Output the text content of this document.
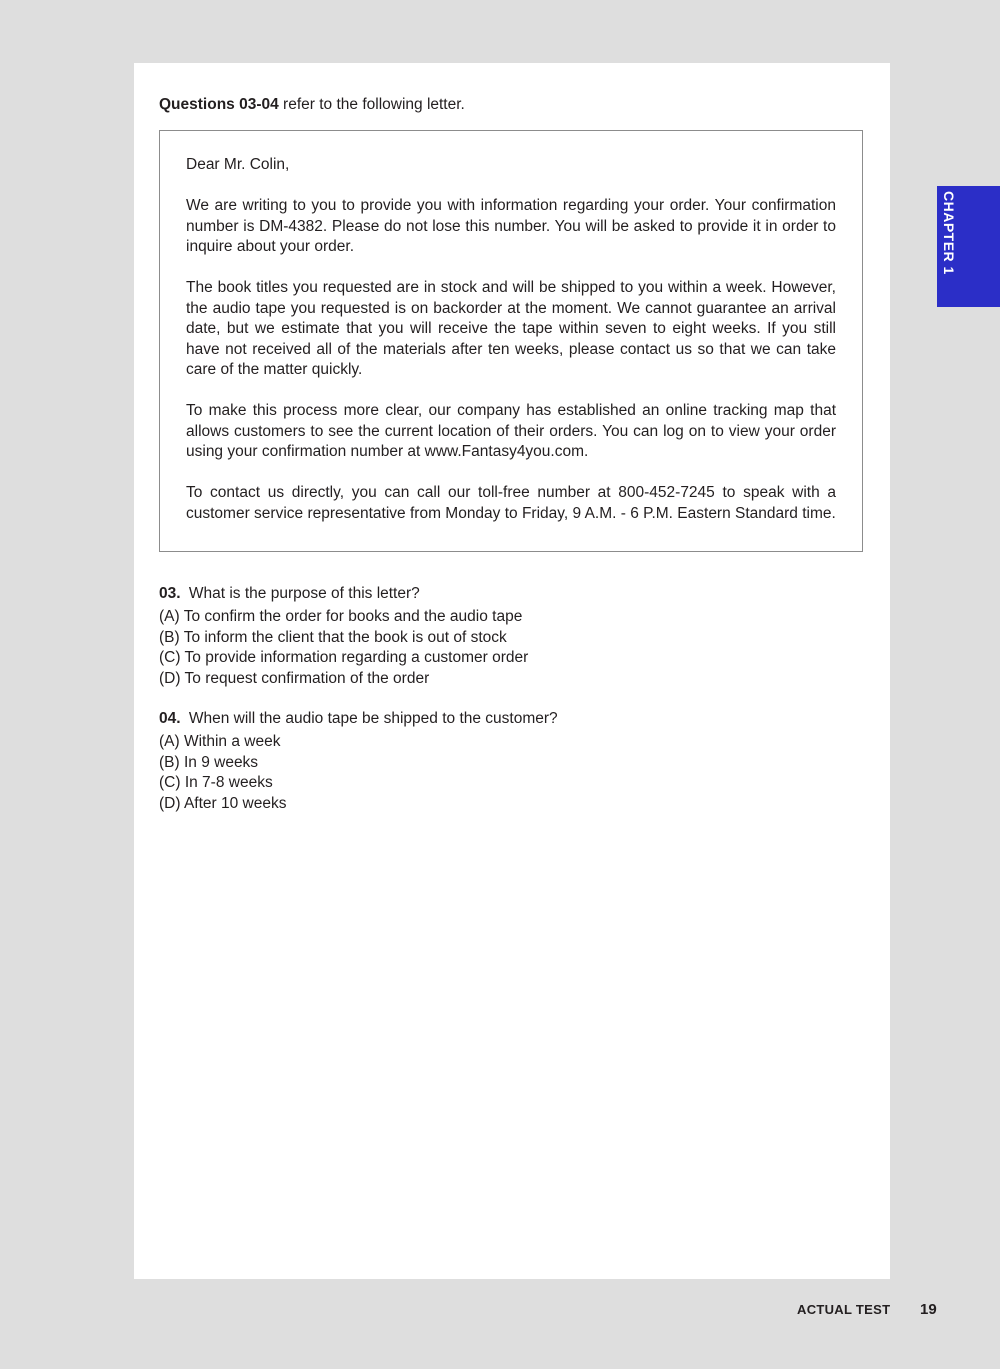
Questions 03-04 refer to the following letter.

Dear Mr. Colin,

We are writing to you to provide you with information regarding your order. Your confirmation number is DM-4382. Please do not lose this number. You will be asked to provide it in order to inquire about your order.

The book titles you requested are in stock and will be shipped to you within a week. However, the audio tape you requested is on backorder at the moment. We cannot guarantee an arrival date, but we estimate that you will receive the tape within seven to eight weeks. If you still have not received all of the materials after ten weeks, please contact us so that we can take care of the matter quickly.

To make this process more clear, our company has established an online tracking map that allows customers to see the current location of their orders. You can log on to view your order using your confirmation number at www.Fantasy4you.com.

To contact us directly, you can call our toll-free number at 800-452-7245 to speak with a customer service representative from Monday to Friday, 9 A.M. - 6 P.M. Eastern Standard time.

03. What is the purpose of this letter?

(A) To confirm the order for books and the audio tape
(B) To inform the client that the book is out of stock
(C) To provide information regarding a customer order
(D) To request confirmation of the order

04. When will the audio tape be shipped to the customer?

(A) Within a week
(B) In 9 weeks
(C) In 7-8 weeks
(D) After 10 weeks
CHAPTER 1
ACTUAL TEST 19
